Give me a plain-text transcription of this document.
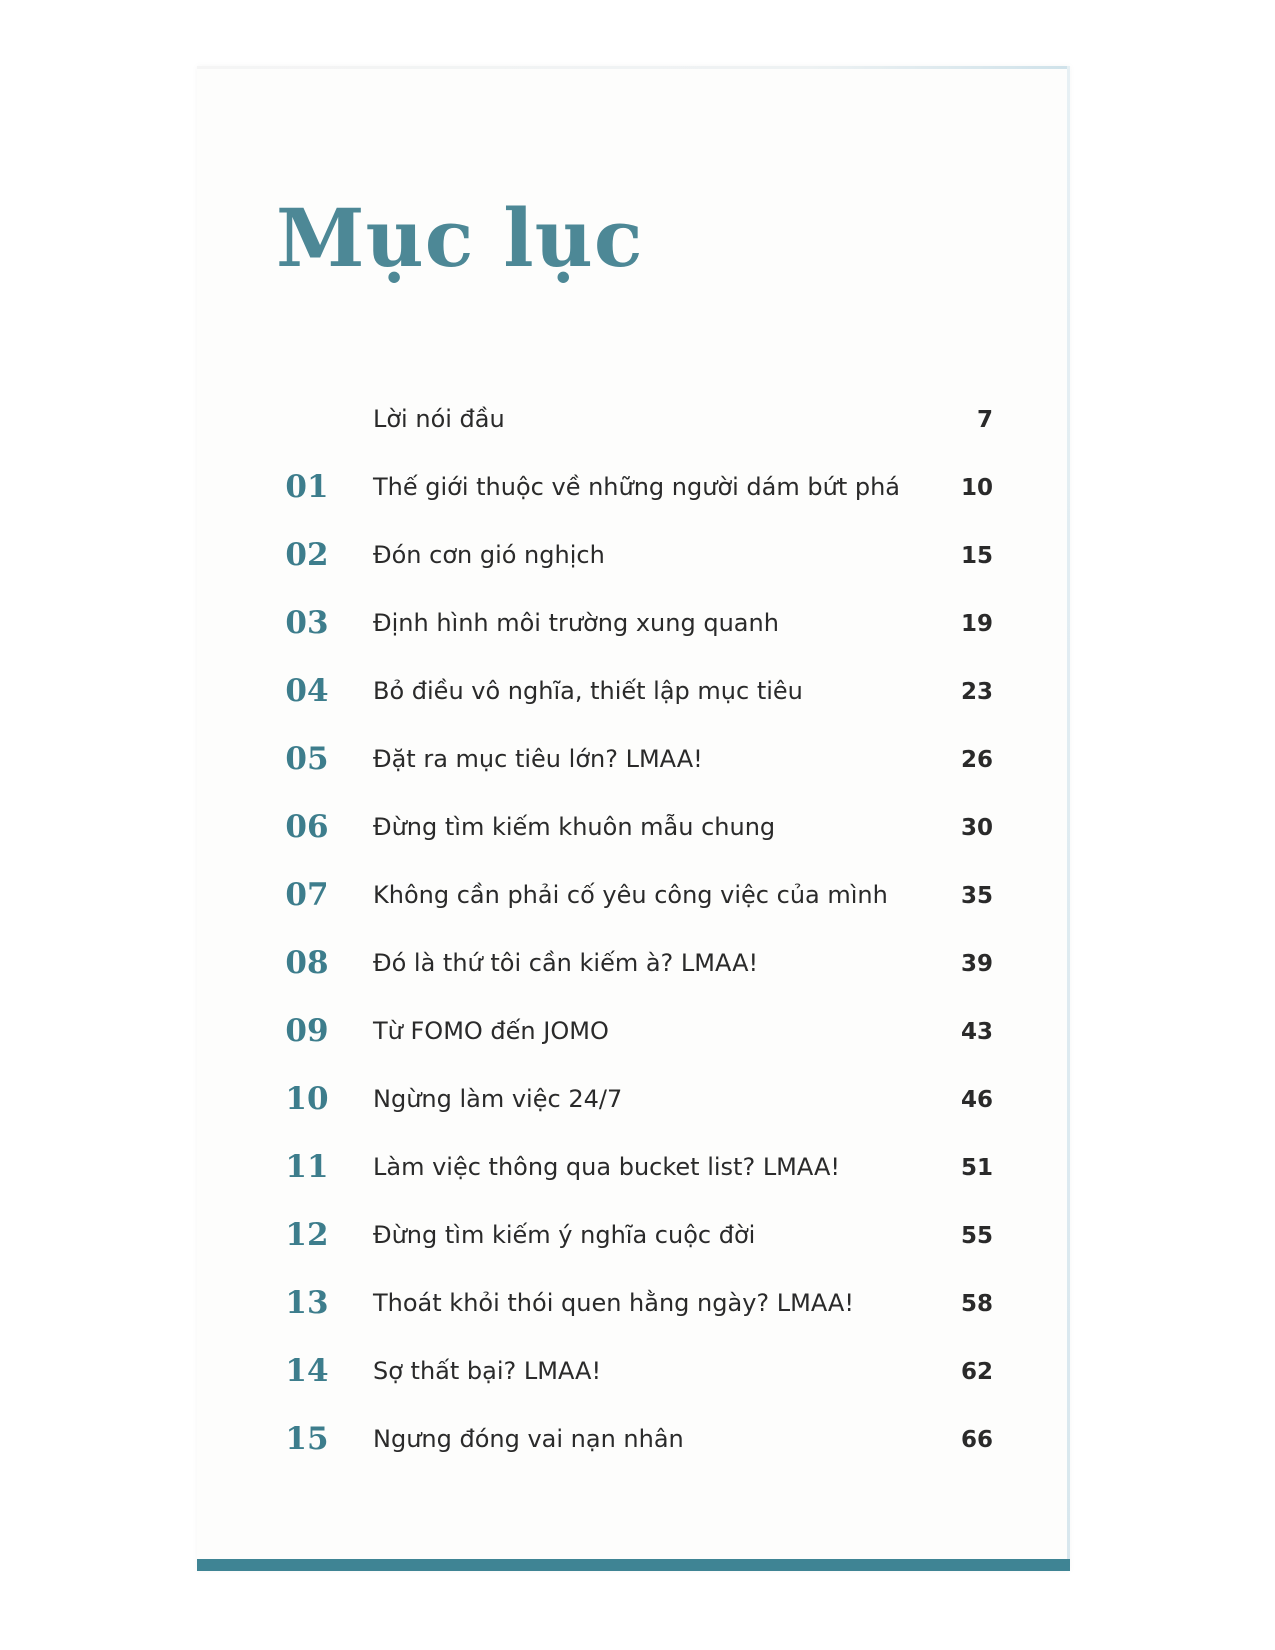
Mục lục
Lời nói đầu	7
01 Thế giới thuộc về những người dám bứt phá	10
02 Đón cơn gió nghịch	15
03 Định hình môi trường xung quanh	19
04 Bỏ điều vô nghĩa, thiết lập mục tiêu	23
05 Đặt ra mục tiêu lớn? LMAA!	26
06 Đừng tìm kiếm khuôn mẫu chung	30
07 Không cần phải cố yêu công việc của mình	35
08 Đó là thứ tôi cần kiếm à? LMAA!	39
09 Từ FOMO đến JOMO	43
10 Ngừng làm việc 24/7	46
11 Làm việc thông qua bucket list? LMAA!	51
12 Đừng tìm kiếm ý nghĩa cuộc đời	55
13 Thoát khỏi thói quen hằng ngày? LMAA!	58
14 Sợ thất bại? LMAA!	62
15 Ngưng đóng vai nạn nhân	66
